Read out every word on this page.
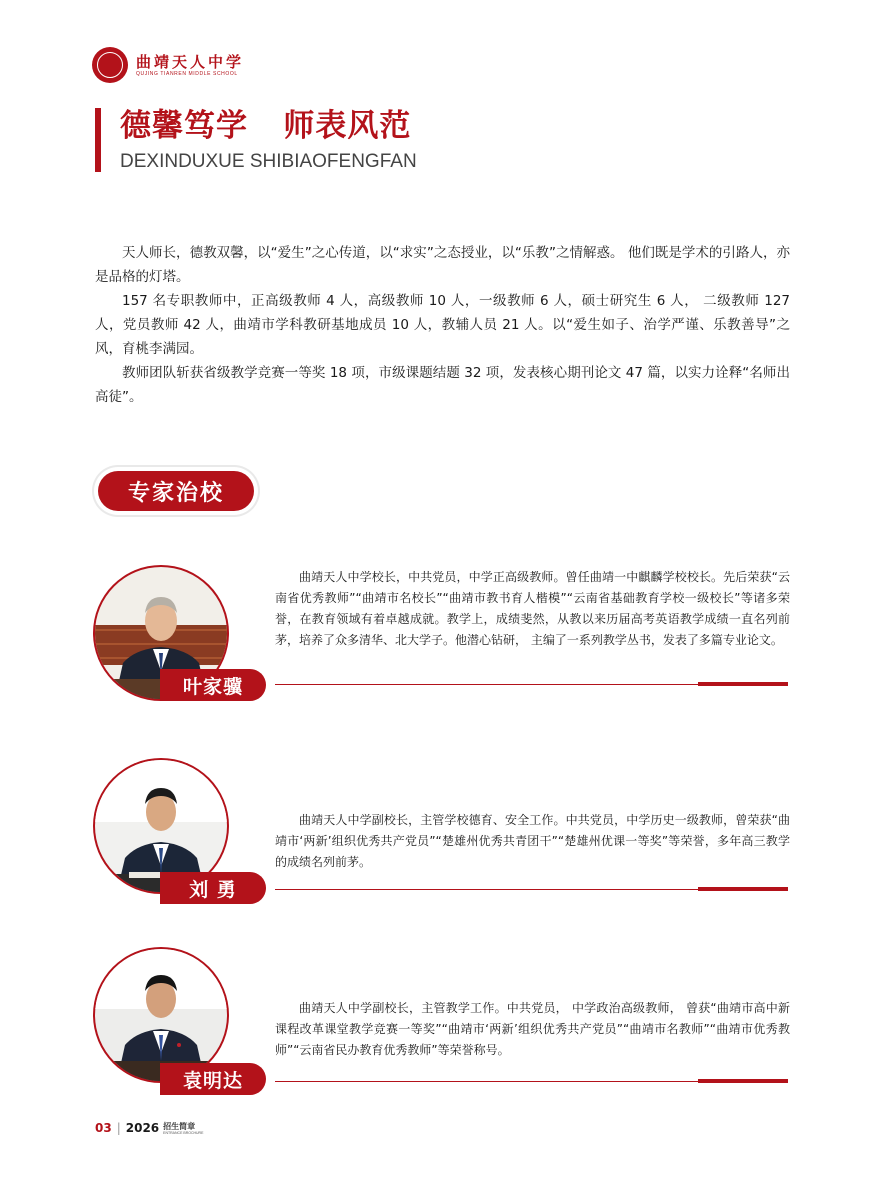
曲靖天人中学
QUJING TIANREN MIDDLE SCHOOL
德馨笃学   师表风范
DEXINDUXUE SHIBIAOFENGFAN

天人师长，德教双馨，以“爱生”之心传道，以“求实”之态授业，以“乐教”之情解惑。 他们既是学术的引路人，亦是品格的灯塔。

157 名专职教师中，正高级教师 4 人，高级教师 10 人，一级教师 6 人，硕士研究生 6 人， 二级教师 127 人，党员教师 42 人，曲靖市学科教研基地成员 10 人，教辅人员 21 人。以“爱生如子、治学严谨、乐教善导”之风，育桃李满园。

教师团队斩获省级教学竞赛一等奖 18 项，市级课题结题 32 项，发表核心期刊论文 47 篇，以实力诠释“名师出高徒”。

专家治校
叶家骥
曲靖天人中学校长，中共党员，中学正高级教师。曾任曲靖一中麒麟学校校长。先后荣获“云南省优秀教师”“曲靖市名校长”“曲靖市教书育人楷模”“云南省基础教育学校一级校长”等诸多荣誉，在教育领域有着卓越成就。教学上，成绩斐然，从教以来历届高考英语教学成绩一直名列前茅，培养了众多清华、北大学子。他潜心钻研， 主编了一系列教学丛书，发表了多篇专业论文。
刘 勇
曲靖天人中学副校长，主管学校德育、安全工作。中共党员，中学历史一级教师，曾荣获“曲靖市‘两新’组织优秀共产党员”“楚雄州优秀共青团干”“楚雄州优课一等奖”等荣誉，多年高三教学的成绩名列前茅。
袁明达
曲靖天人中学副校长，主管教学工作。中共党员， 中学政治高级教师， 曾获“曲靖市高中新课程改革课堂教学竞赛一等奖”“曲靖市‘两新’组织优秀共产党员”“曲靖市名教师”“曲靖市优秀教师”“云南省民办教育优秀教师”等荣誉称号。
03 | 2026 招生简章
ENTRANCE BROCHURE
